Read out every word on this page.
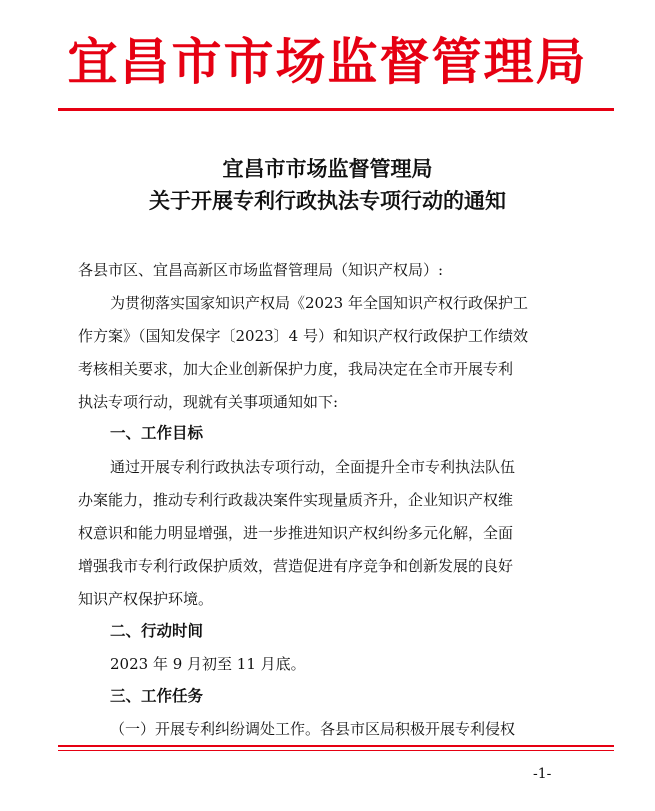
宜昌市市场监督管理局
宜昌市市场监督管理局
关于开展专利行政执法专项行动的通知
各县市区、宜昌高新区市场监督管理局（知识产权局）:
为贯彻落实国家知识产权局《2023 年全国知识产权行政保护工
作方案》（国知发保字〔2023〕4 号）和知识产权行政保护工作绩效
考核相关要求，加大企业创新保护力度，我局决定在全市开展专利
执法专项行动，现就有关事项通知如下:
一、工作目标
通过开展专利行政执法专项行动，全面提升全市专利执法队伍
办案能力，推动专利行政裁决案件实现量质齐升，企业知识产权维
权意识和能力明显增强，进一步推进知识产权纠纷多元化解，全面
增强我市专利行政保护质效，营造促进有序竞争和创新发展的良好
知识产权保护环境。
二、行动时间
2023 年 9 月初至 11 月底。
三、工作任务
（一）开展专利纠纷调处工作。各县市区局积极开展专利侵权
-1-
